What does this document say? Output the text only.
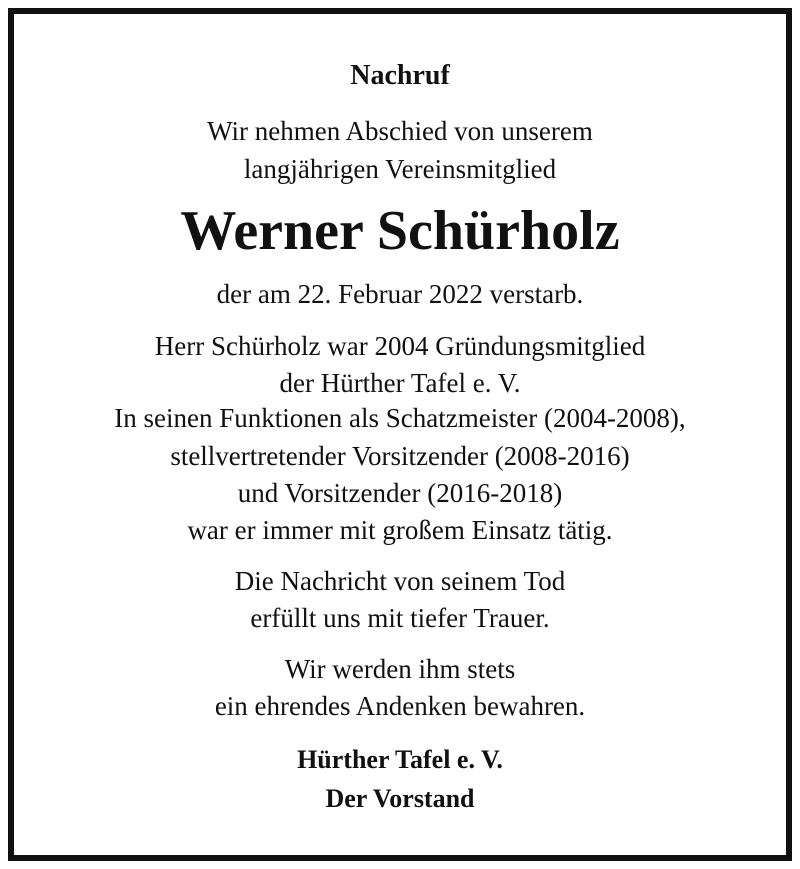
Nachruf
Wir nehmen Abschied von unserem
langjährigen Vereinsmitglied
Werner Schürholz
der am 22. Februar 2022 verstarb.
Herr Schürholz war 2004 Gründungsmitglied
der Hürther Tafel e. V.
In seinen Funktionen als Schatzmeister (2004-2008),
stellvertretender Vorsitzender (2008-2016)
und Vorsitzender (2016-2018)
war er immer mit großem Einsatz tätig.
Die Nachricht von seinem Tod
erfüllt uns mit tiefer Trauer.
Wir werden ihm stets
ein ehrendes Andenken bewahren.
Hürther Tafel e. V.
Der Vorstand
